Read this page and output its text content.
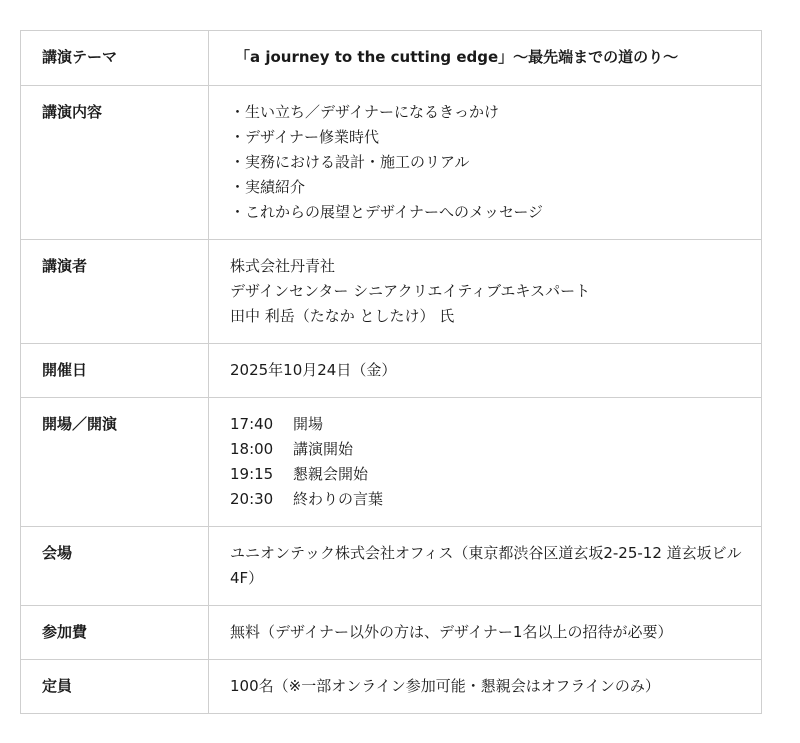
講演テーマ	「a journey to the cutting edge」〜最先端までの道のり〜

講演内容	・生い立ち／デザイナーになるきっかけ
・デザイナー修業時代
・実務における設計・施工のリアル
・実績紹介
・これからの展望とデザイナーへのメッセージ

講演者	株式会社丹青社
デザインセンター シニアクリエイティブエキスパート
田中 利岳（たなか としたけ） 氏

開催日	2025年10月24日（金）

開場／開演	17:40 開場
18:00 講演開始
19:15 懇親会開始
20:30 終わりの言葉

会場	ユニオンテック株式会社オフィス（東京都渋谷区道玄坂2-25-12 道玄坂ビル4F）

参加費	無料（デザイナー以外の方は、デザイナー1名以上の招待が必要）

定員	100名（※一部オンライン参加可能・懇親会はオフラインのみ）
